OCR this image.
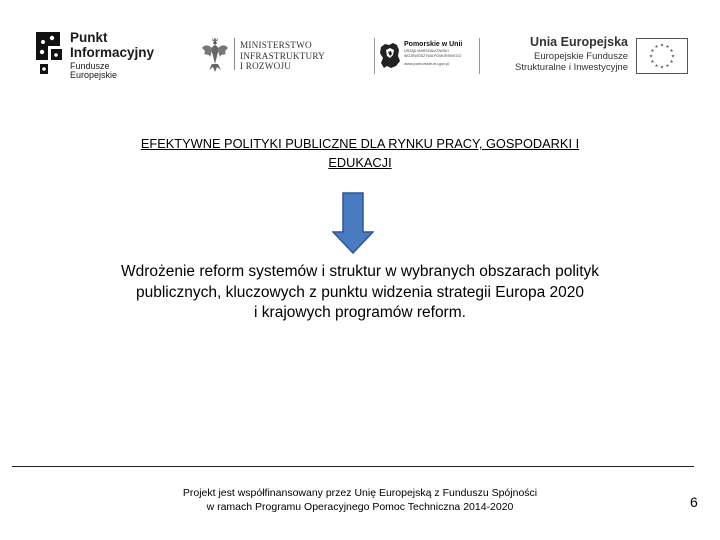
Punkt
Informacyjny
Fundusze Europejskie
MINISTERSTWO
INFRASTRUKTURY
I ROZWOJU
Pomorskie w Unii
URZĄD MARSZAŁKOWSKI
WOJEWÓDZTWA POMORSKIEGO
www.pomorskie.eu.gov.pl
Unia Europejska
Europejskie Fundusze
Strukturalne i Inwestycyjne
EFEKTYWNE POLITYKI PUBLICZNE DLA RYNKU PRACY, GOSPODARKI I
EDUKACJI
Wdrożenie reform systemów i struktur w wybranych obszarach polityk
publicznych, kluczowych z punktu widzenia strategii Europa 2020
i krajowych programów reform.
Projekt jest współfinansowany przez Unię Europejską z Funduszu Spójności
w ramach Programu Operacyjnego Pomoc Techniczna 2014-2020	6
